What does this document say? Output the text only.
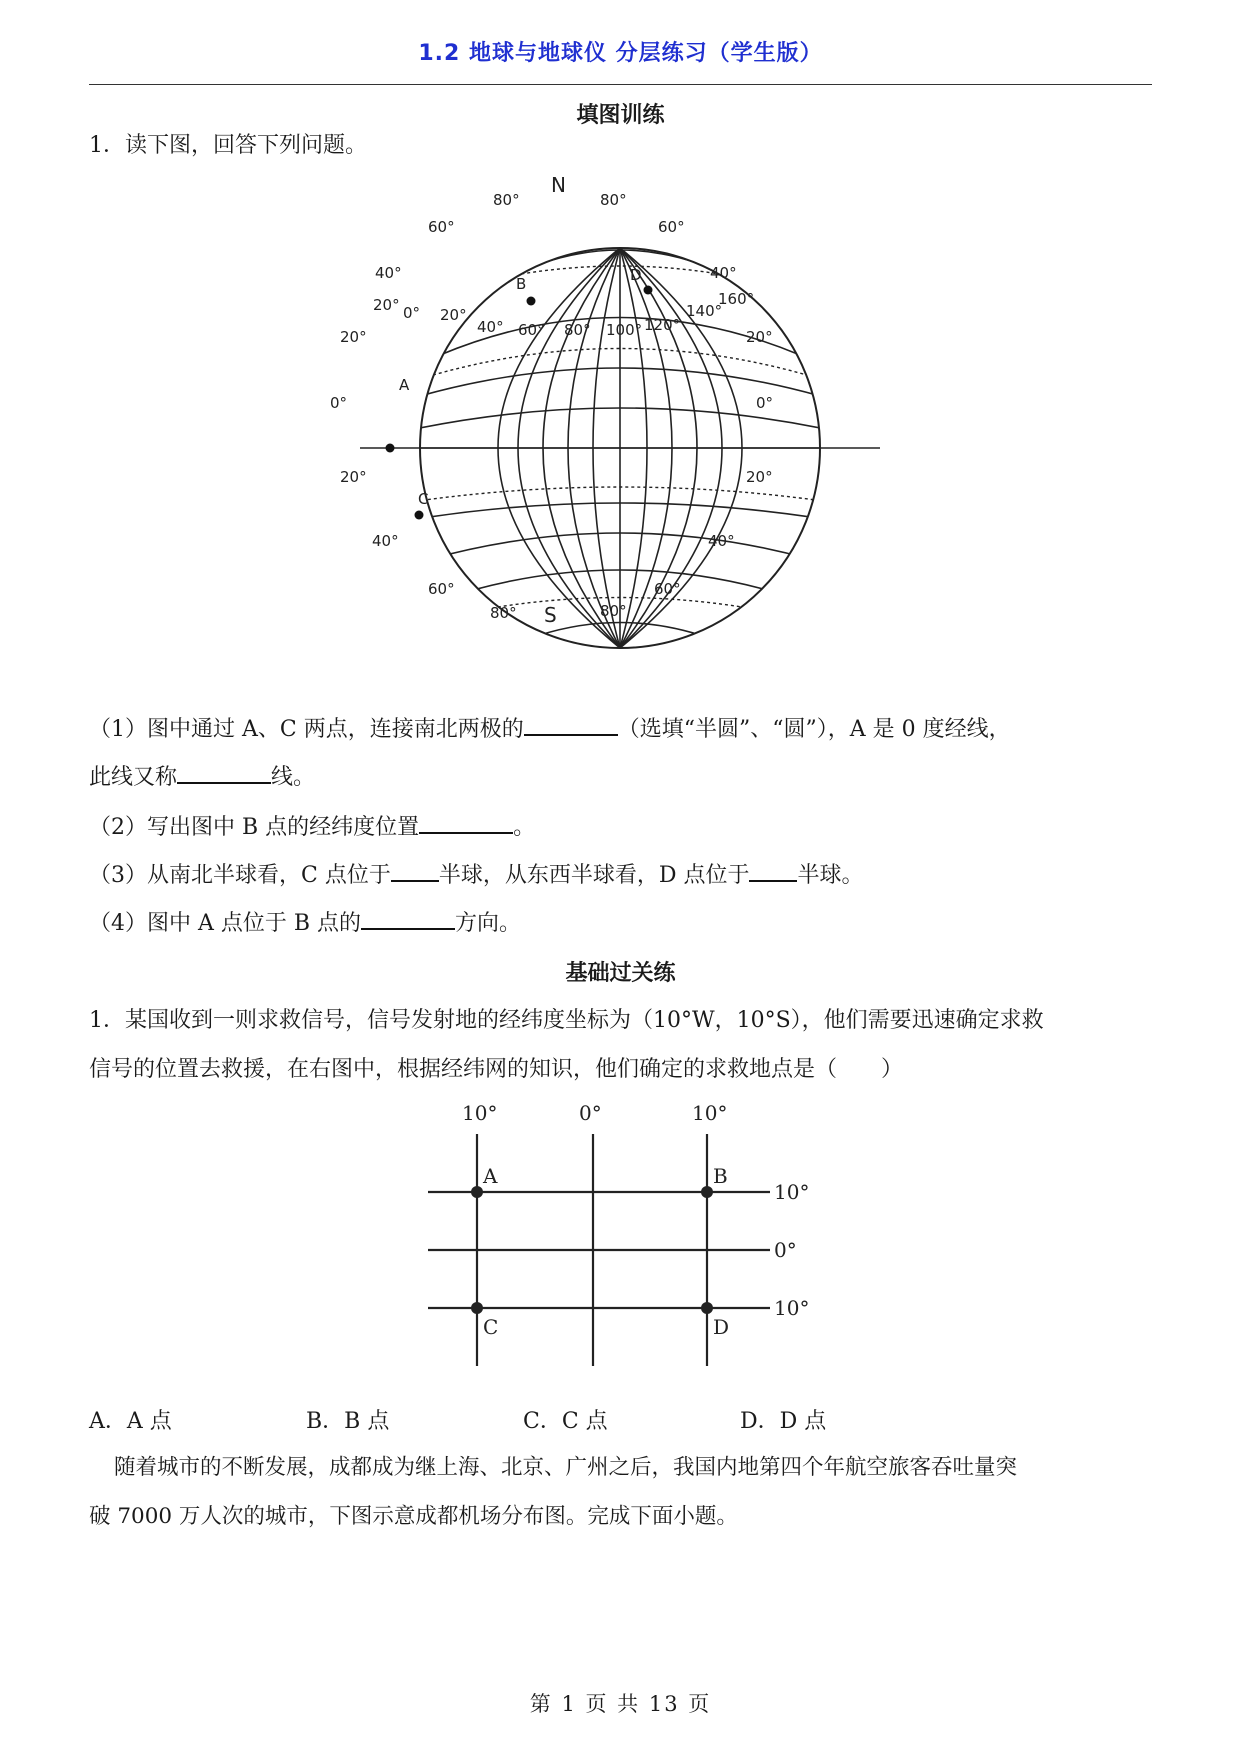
1.2 地球与地球仪 分层练习（学生版）
填图训练
1．读下图，回答下列问题。
N
S
A
B
C
D
80°	80°
60°	60°
40°	40°
20°	20°
0°	0°
20°	20°
40°	40°
60°	60°
80°	80°
20° 0° 20°
40° 60° 80° 100° 120°
140°
160°
（1）图中通过 A、C 两点，连接南北两极的	（选填“半圆”、“圆”），A 是 0 度经线，
此线又称	线。
（2）写出图中 B 点的经纬度位置	。
（3）从南北半球看，C 点位于 半球，从东西半球看，D 点位于 半球。
（4）图中 A 点位于 B 点的	方向。
基础过关练
1．某国收到一则求救信号，信号发射地的经纬度坐标为（10°W，10°S），他们需要迅速确定求救
信号的位置去救援，在右图中，根据经纬网的知识，他们确定的求救地点是（　　）
10°	0°	10°
10°
0°
10°
A	B
C	D
A．A 点	B．B 点	C．C 点	D．D 点
随着城市的不断发展，成都成为继上海、北京、广州之后，我国内地第四个年航空旅客吞吐量突
破 7000 万人次的城市，下图示意成都机场分布图。完成下面小题。
第 1 页 共 13 页
